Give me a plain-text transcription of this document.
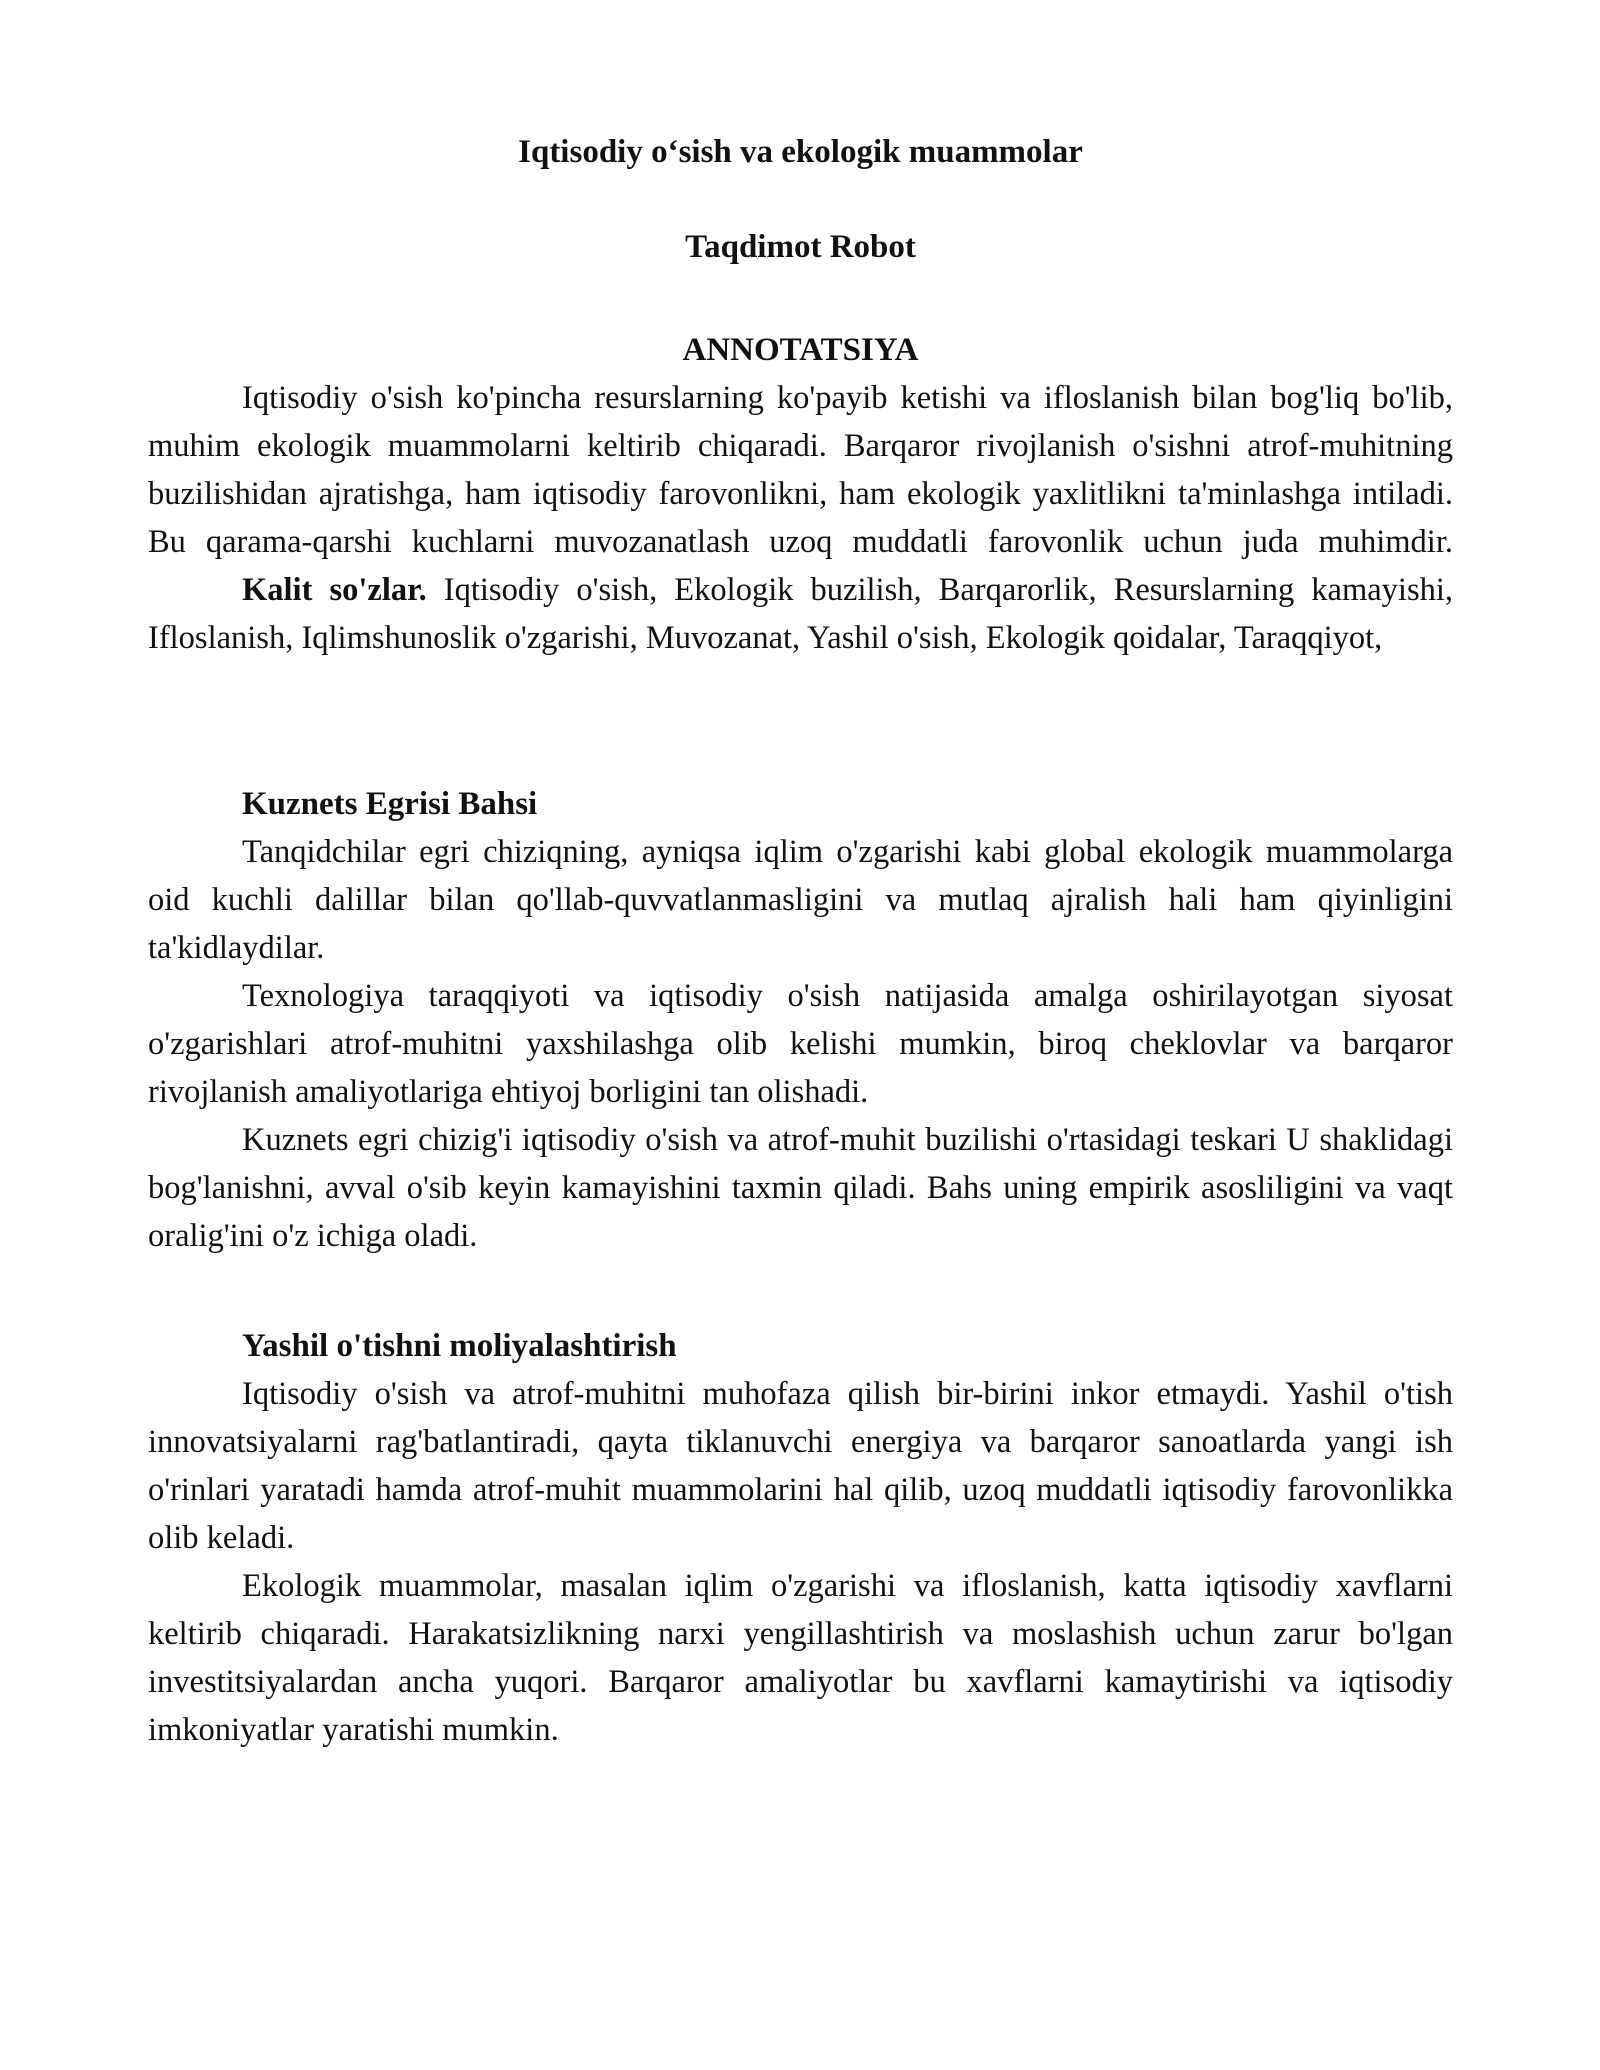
Iqtisodiy o‘sish va ekologik muammolar

Taqdimot Robot

ANNOTATSIYA

Iqtisodiy o'sish ko'pincha resurslarning ko'payib ketishi va ifloslanish bilan bog'liq bo'lib, muhim ekologik muammolarni keltirib chiqaradi. Barqaror rivojlanish o'sishni atrof-muhitning buzilishidan ajratishga, ham iqtisodiy farovonlikni, ham ekologik yaxlitlikni ta'minlashga intiladi. Bu qarama-qarshi kuchlarni muvozanatlash uzoq muddatli farovonlik uchun juda muhimdir.

Kalit so'zlar. Iqtisodiy o'sish, Ekologik buzilish, Barqarorlik, Resurslarning kamayishi, Ifloslanish, Iqlimshunoslik o'zgarishi, Muvozanat, Yashil o'sish, Ekologik qoidalar, Taraqqiyot,

Kuznets Egrisi Bahsi

Tanqidchilar egri chiziqning, ayniqsa iqlim o'zgarishi kabi global ekologik muammolarga oid kuchli dalillar bilan qo'llab-quvvatlanmasligini va mutlaq ajralish hali ham qiyinligini ta'kidlaydilar.

Texnologiya taraqqiyoti va iqtisodiy o'sish natijasida amalga oshirilayotgan siyosat o'zgarishlari atrof-muhitni yaxshilashga olib kelishi mumkin, biroq cheklovlar va barqaror rivojlanish amaliyotlariga ehtiyoj borligini tan olishadi.

Kuznets egri chizig'i iqtisodiy o'sish va atrof-muhit buzilishi o'rtasidagi teskari U shaklidagi bog'lanishni, avval o'sib keyin kamayishini taxmin qiladi. Bahs uning empirik asosliligini va vaqt oralig'ini o'z ichiga oladi.

Yashil o'tishni moliyalashtirish

Iqtisodiy o'sish va atrof-muhitni muhofaza qilish bir-birini inkor etmaydi. Yashil o'tish innovatsiyalarni rag'batlantiradi, qayta tiklanuvchi energiya va barqaror sanoatlarda yangi ish o'rinlari yaratadi hamda atrof-muhit muammolarini hal qilib, uzoq muddatli iqtisodiy farovonlikka olib keladi.

Ekologik muammolar, masalan iqlim o'zgarishi va ifloslanish, katta iqtisodiy xavflarni keltirib chiqaradi. Harakatsizlikning narxi yengillashtirish va moslashish uchun zarur bo'lgan investitsiyalardan ancha yuqori. Barqaror amaliyotlar bu xavflarni kamaytirishi va iqtisodiy imkoniyatlar yaratishi mumkin.
